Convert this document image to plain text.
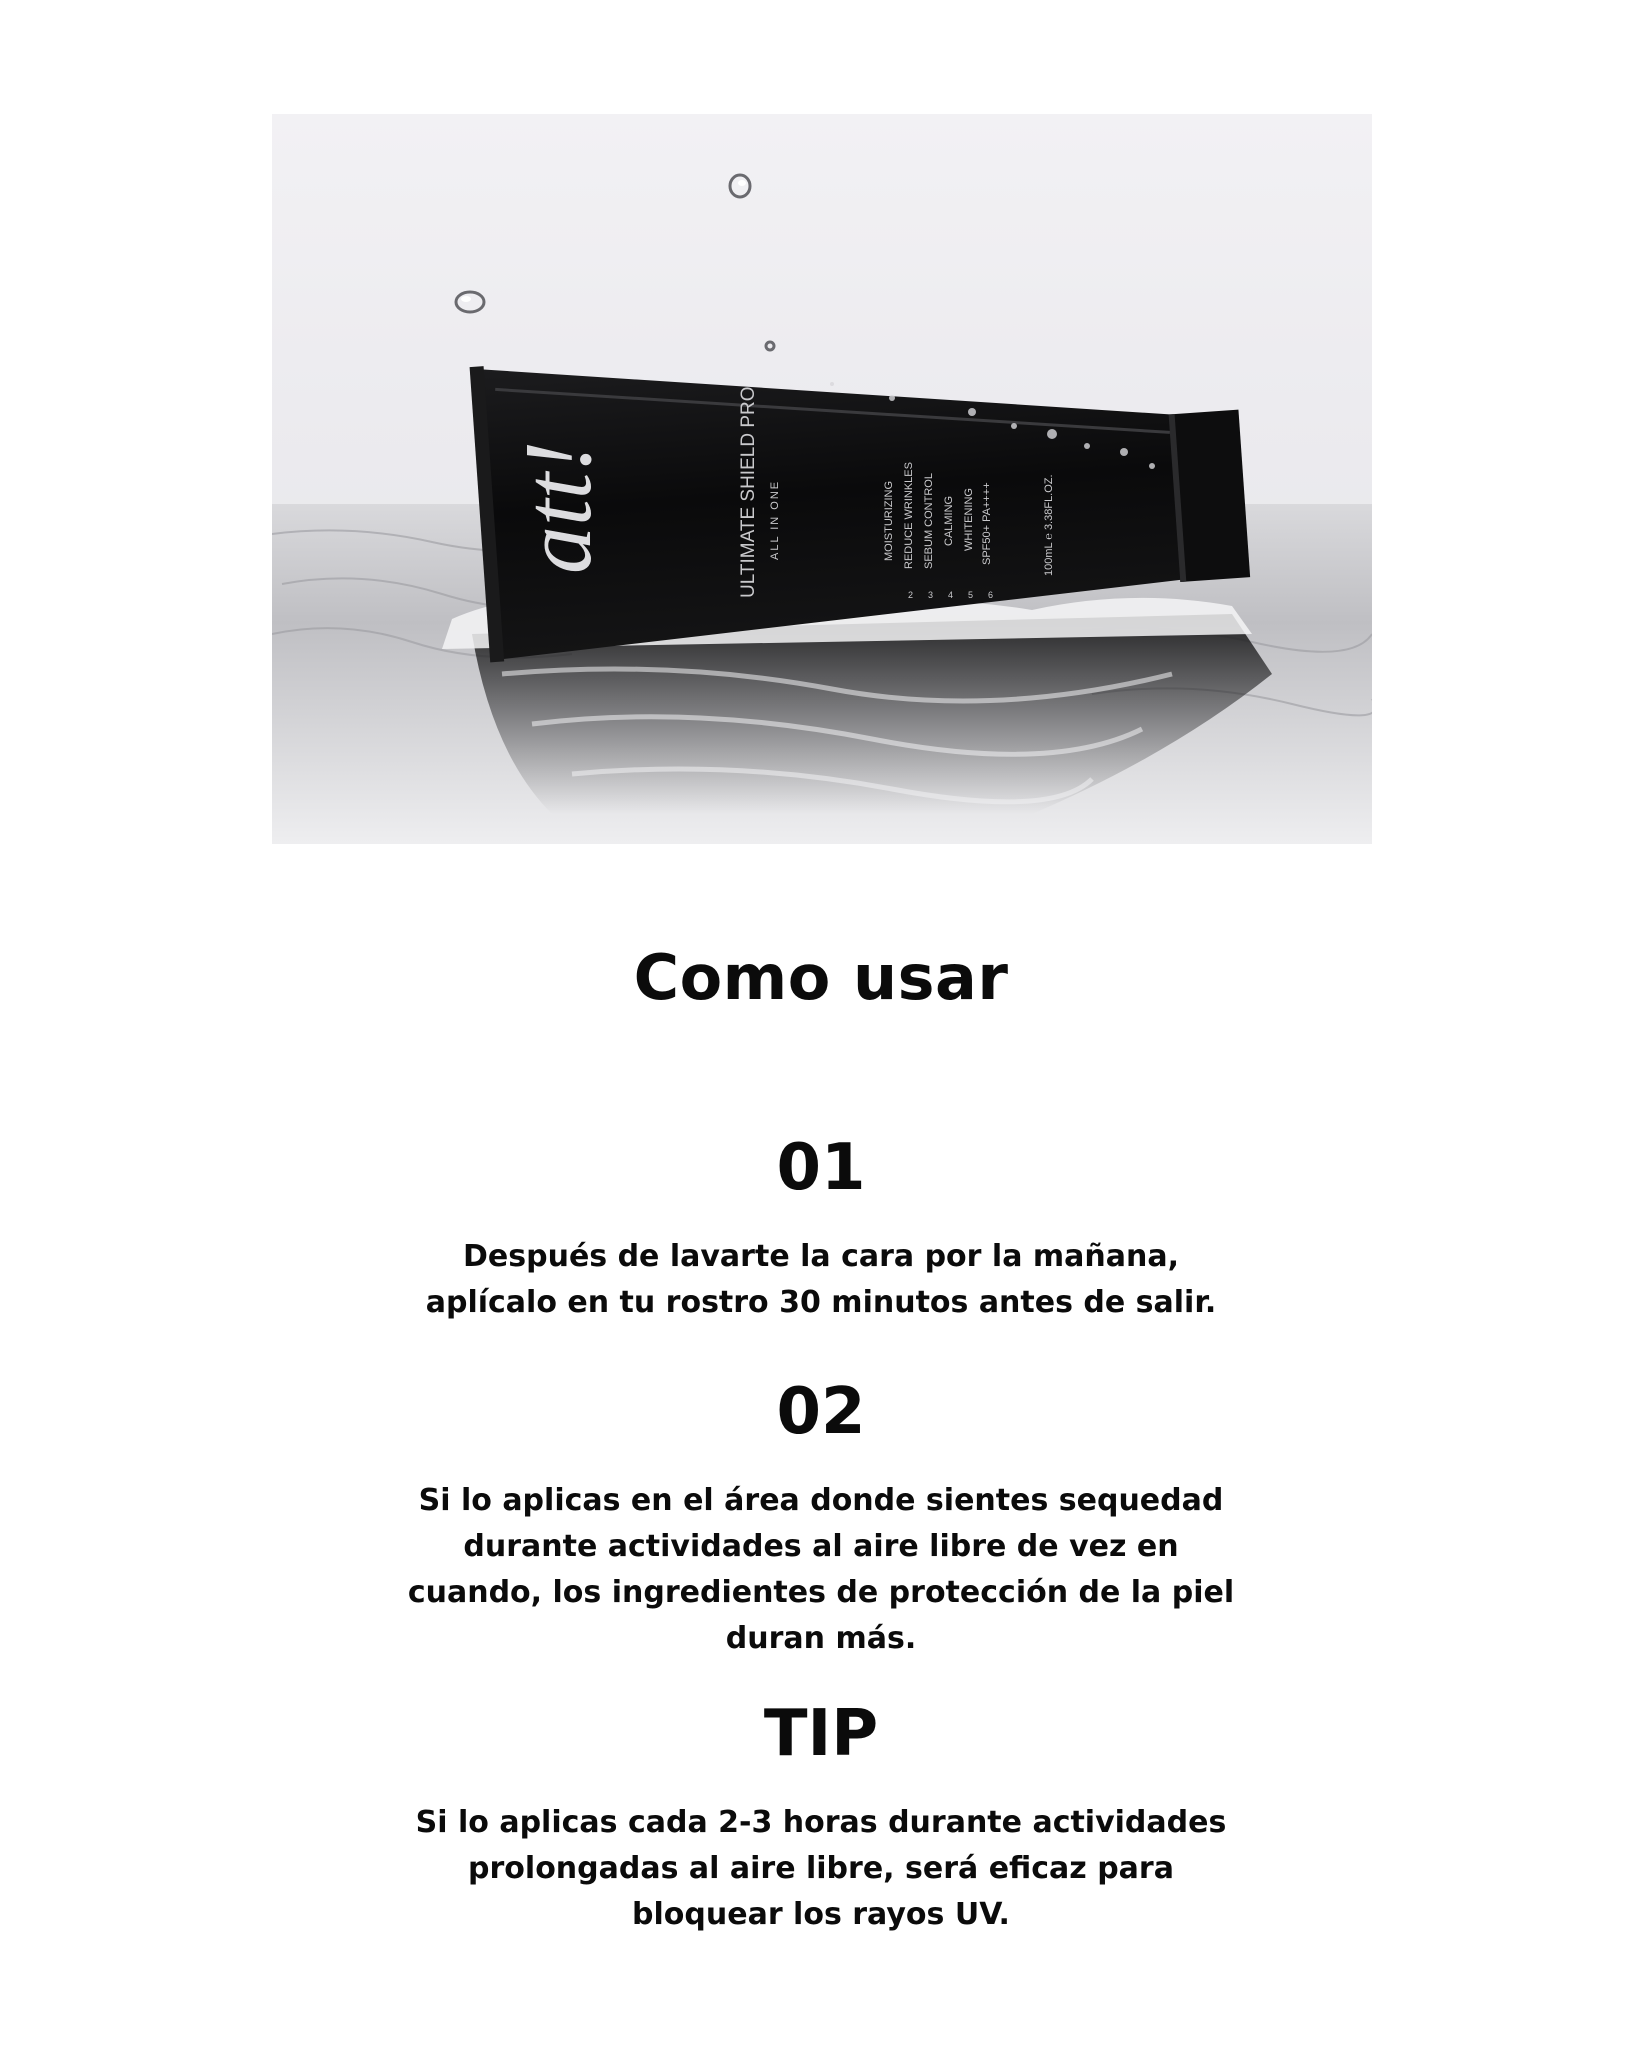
att!	ULTIMATE SHIELD PRO ALL IN ONE	MOISTURIZING REDUCE WRINKLES SEBUM CONTROL CALMING WHITENING SPF50+ PA++++
2 3 4 5 6
100mL ℮ 3.38FL.OZ.
Como usar
01
Después de lavarte la cara por la mañana,
aplícalo en tu rostro 30 minutos antes de salir.
02
Si lo aplicas en el área donde sientes sequedad
durante actividades al aire libre de vez en
cuando, los ingredientes de protección de la piel
duran más.
TIP
Si lo aplicas cada 2-3 horas durante actividades
prolongadas al aire libre, será eficaz para
bloquear los rayos UV.
